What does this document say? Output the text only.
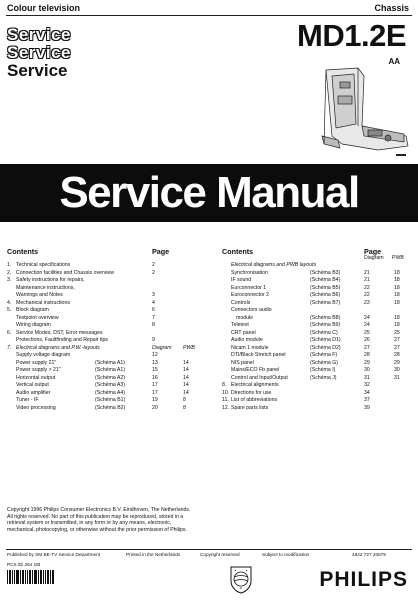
Colour television	Chassis
Service
Service
Service
MD1.2E
AA
Service Manual
Contents	Page
1. Technical specifications	2
2. Connection facilities and Chassis overview	2
3. Safety instructions for repairs,
Maintenance instructions,
Warnings and Notes	3
4. Mechanical instructions	4
5. Block diagram	6
Testpoint overview	7
Wiring diagram	8
6. Service Modes, DST, Error messages
Protections, Faultfinding and Repair tips	9
7. Electrical diagrams and P.W.-layouts	Diagram PWB
Supply voltage diagram	12
Power supply 21"	(Schéma A1)	13	14
Power supply > 21"	(Schéma A1)	15	14
Horizontal output	(Schéma A2)	16	14
Vertical output	(Schéma A3)	17	14
Audio amplifier	(Schéma A4)	17	14
Tuner - IF	(Schéma B1)	19	8
Video processing	(Schéma B2)	20	8
Contents	Page
Diagram PWB
Electrical diagrams and PWB layouts
Synchronisation	(Schéma B3)	21	18
IF sound	(Schéma B4)	21	18
Eurconnector 1	(Schéma B5)	22	18
Euroconnector 2	(Schéma B6)	22	18
Controls	(Schéma B7)	23	18
Connectors audio
module	(Schéma B8)	24	18
Teletext	(Schéma B9)	24	18
CRT panel	(Schéma C)	25	25
Audio module	(Schéma D1)	26	27
Nicam 1 module	(Schéma D2)	27	27
DTI/Black Stretch panel	(Schéma F)	28	28
NIS panel	(Schéma G)	29	29
Mains/ECO Fb panel	(Schéma I)	30	30
Control and Input/Output	(Schéma J)	31	31
8. Electrical alignments	32
10. Directions for use	34
11. List of abbreviations	37
12. Spare parts lists	39
Copyright 1996 Philips Consumer Electronics B.V. Eindhoven, The Netherlands. All rights reserved. No part of this publication may be reproduced, stored in a retrieval system or transmitted, in any form or by any means, electronic, mechanical, photocopying, or otherwise without the prior permission of Philips.
Published by SM BE-TV Service Department	Printed in the Netherlands	Copyright reserved	Subject to modification	4822 727 20679
PCS 82 264 GB
PHILIPS
